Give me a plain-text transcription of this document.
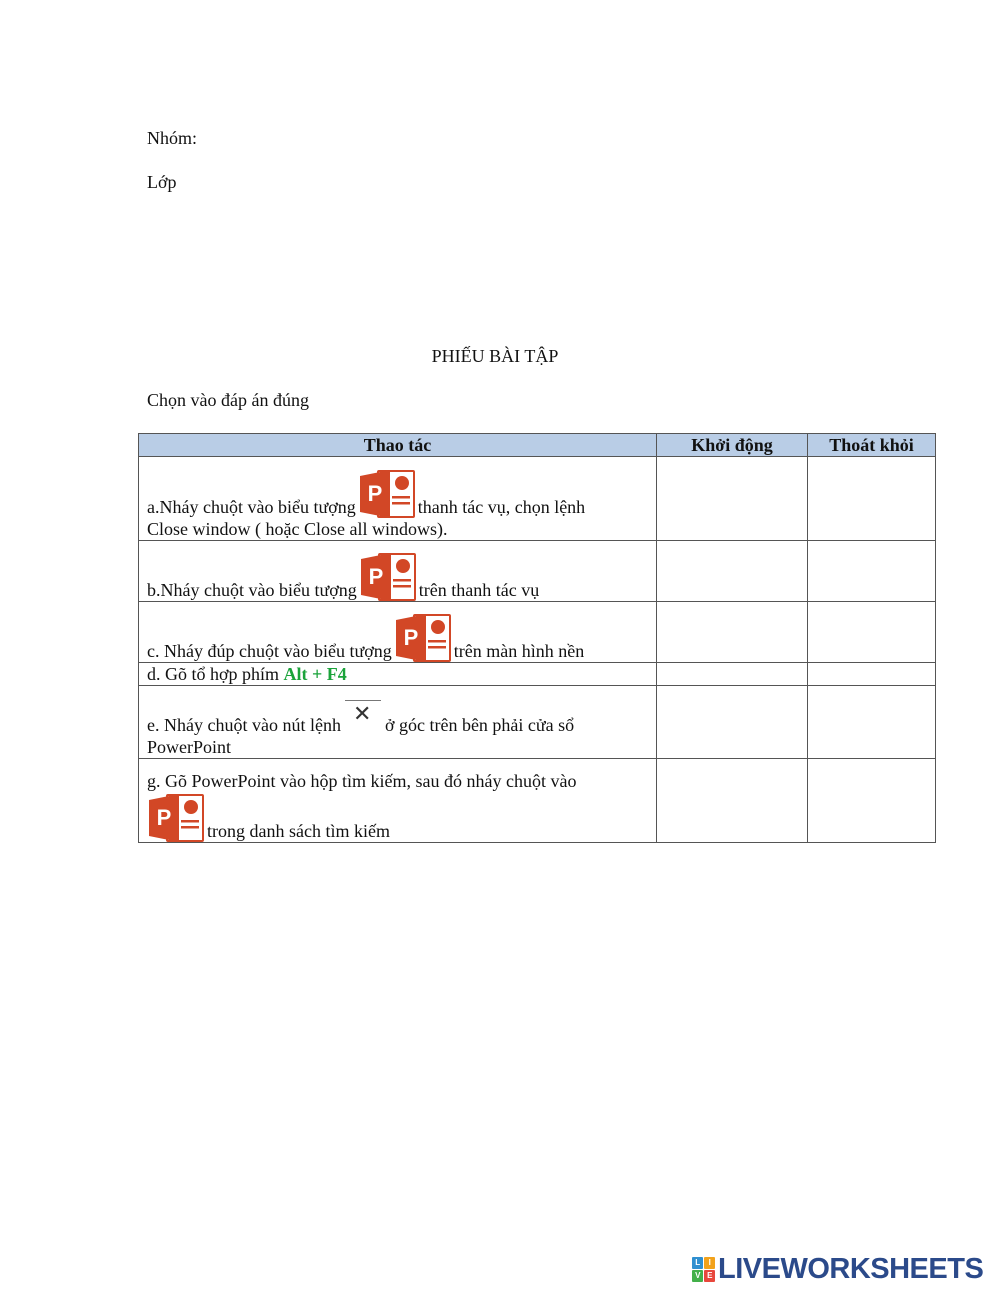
Nhóm:
Lớp
PHIẾU BÀI TẬP
Chọn vào đáp án đúng
Thao tác	Khởi động	Thoát khỏi
a.Nháy chuột vào biểu tượng
P
thanh tác vụ, chọn lệnh
Close window ( hoặc Close all windows).		
b.Nháy chuột vào biểu tượng
P
trên thanh tác vụ		
c. Nháy đúp chuột vào biểu tượng
P
trên màn hình nền		
d. Gõ tổ hợp phím Alt + F4		
e. Nháy chuột vào nút lệnh ✕ ở góc trên bên phải cửa sổ
PowerPoint		
g. Gõ PowerPoint vào hộp tìm kiếm, sau đó nháy chuột vào

P
trong danh sách tìm kiếm		
L	I
V E LIVEWORKSHEETS
